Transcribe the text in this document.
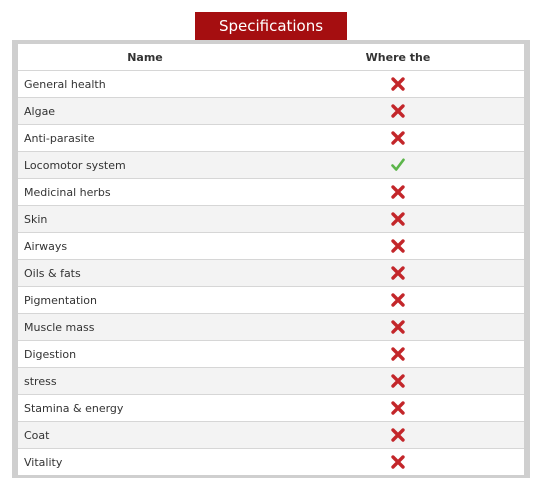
Specifications
Name	Where the
General health	

Algae	

Anti-parasite	

Locomotor system	

Medicinal herbs	

Skin	

Airways	

Oils & fats	

Pigmentation	

Muscle mass	

Digestion	

stress	

Stamina & energy	

Coat	

Vitality	
